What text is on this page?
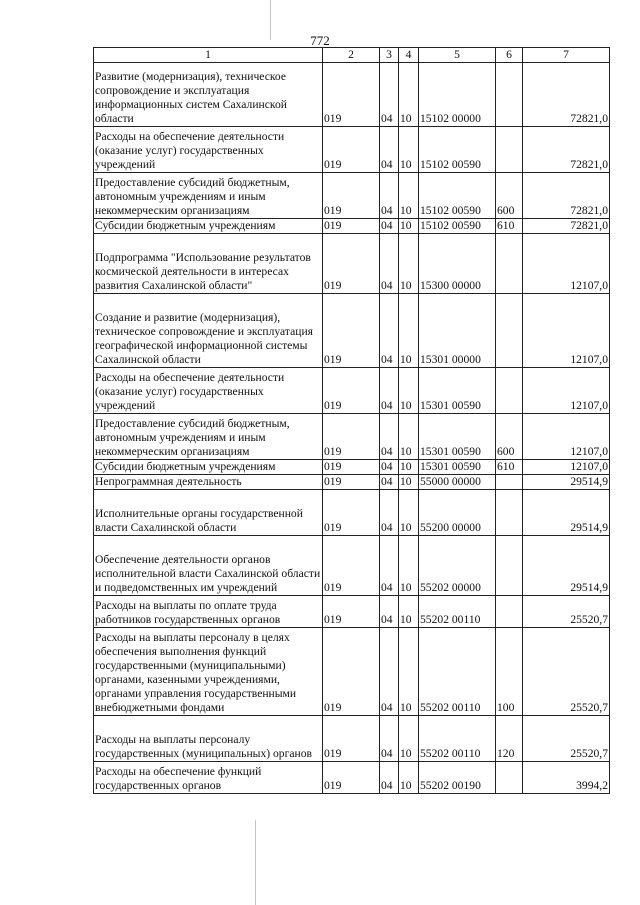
772
1	2	3	4	5	6	7

Развитие (модернизация), техническое сопровождение и эксплуатация информационных систем Сахалинской области	019	04	10	15102 00000		72821,0

Расходы на обеспечение деятельности (оказание услуг) государственных учреждений	019	04	10	15102 00590		72821,0

Предоставление субсидий бюджетным, автономным учреждениям и иным некоммерческим организациям	019	04	10	15102 00590	600	72821,0

Субсидии бюджетным учреждениям	019	04	10	15102 00590	610	72821,0

Подпрограмма "Использование результатов космической деятельности в интересах развития Сахалинской области"	019	04	10	15300 00000		12107,0

Создание и развитие (модернизация), техническое сопровождение и эксплуатация географической информационной системы Сахалинской области	019	04	10	15301 00000		12107,0

Расходы на обеспечение деятельности (оказание услуг) государственных учреждений	019	04	10	15301 00590		12107,0

Предоставление субсидий бюджетным, автономным учреждениям и иным некоммерческим организациям	019	04	10	15301 00590	600	12107,0

Субсидии бюджетным учреждениям	019	04	10	15301 00590	610	12107,0

Непрограммная деятельность	019	04	10	55000 00000		29514,9

Исполнительные органы государственной власти Сахалинской области	019	04	10	55200 00000		29514,9

Обеспечение деятельности органов исполнительной власти Сахалинской области и подведомственных им учреждений	019	04	10	55202 00000		29514,9

Расходы на выплаты по оплате труда работников государственных органов	019	04	10	55202 00110		25520,7

Расходы на выплаты персоналу в целях обеспечения выполнения функций государственными (муниципальными) органами, казенными учреждениями, органами управления государственными внебюджетными фондами	019	04	10	55202 00110	100	25520,7

Расходы на выплаты персоналу государственных (муниципальных) органов	019	04	10	55202 00110	120	25520,7

Расходы на обеспечение функций государственных органов	019	04	10	55202 00190		3994,2
